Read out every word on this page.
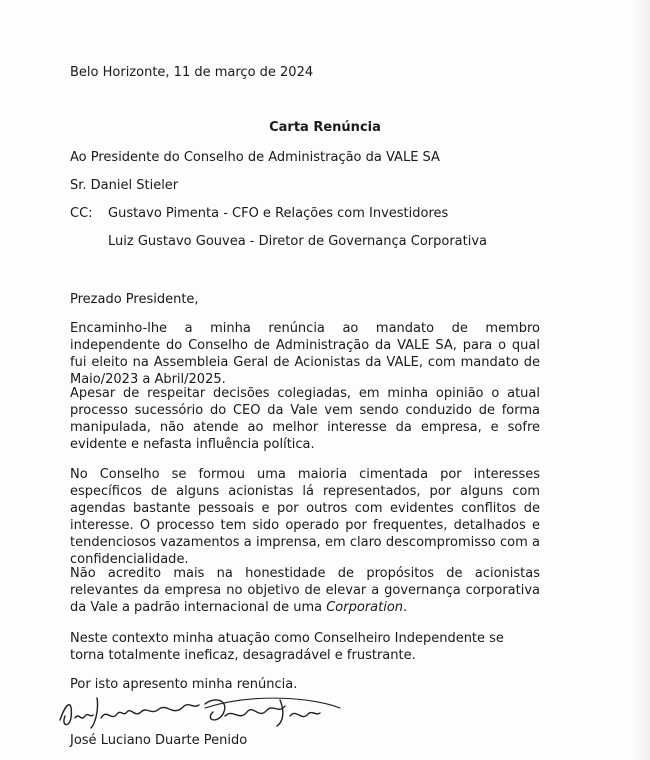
Belo Horizonte, 11 de março de 2024
Carta Renúncia
Ao Presidente do Conselho de Administração da VALE SA
Sr. Daniel Stieler
CC: Gustavo Pimenta - CFO e Relações com Investidores
Luiz Gustavo Gouvea - Diretor de Governança Corporativa
Prezado Presidente,
Encaminho-lhe a minha renúncia ao mandato de membro independente do Conselho de Administração da VALE SA, para o qual fui eleito na Assembleia Geral de Acionistas da VALE, com mandato de Maio/2023 a Abril/2025.
Apesar de respeitar decisões colegiadas, em minha opinião o atual processo sucessório do CEO da Vale vem sendo conduzido de forma manipulada, não atende ao melhor interesse da empresa, e sofre evidente e nefasta influência política.
No Conselho se formou uma maioria cimentada por interesses específicos de alguns acionistas lá representados, por alguns com agendas bastante pessoais e por outros com evidentes conflitos de interesse. O processo tem sido operado por frequentes, detalhados e tendenciosos vazamentos a imprensa, em claro descompromisso com a confidencialidade.
Não acredito mais na honestidade de propósitos de acionistas relevantes da empresa no objetivo de elevar a governança corporativa da Vale a padrão internacional de uma Corporation.
Neste contexto minha atuação como Conselheiro Independente se torna totalmente ineficaz, desagradável e frustrante.
Por isto apresento minha renúncia.
José Luciano Duarte Penido
